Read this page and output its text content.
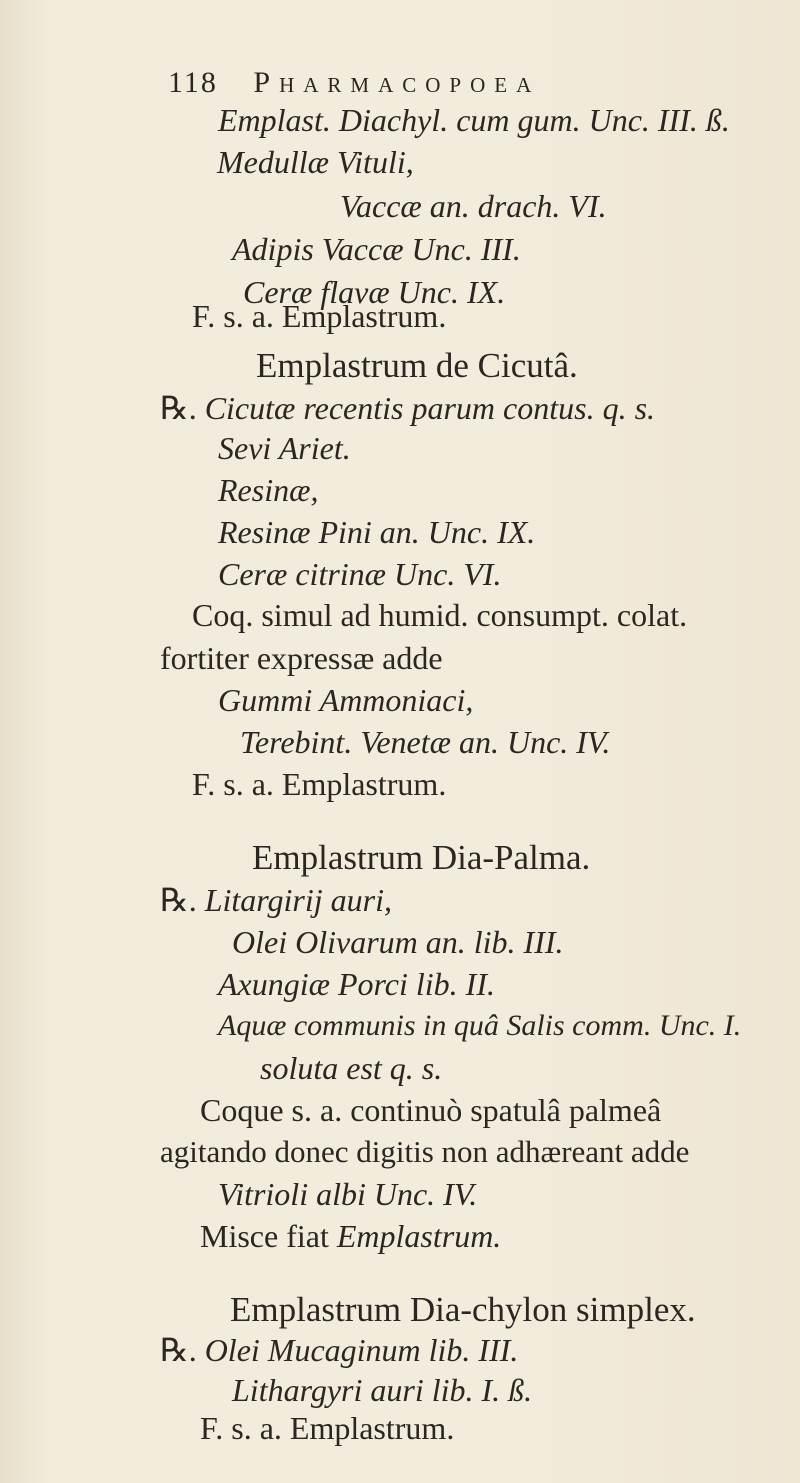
118 Pharmacopoea
Emplast. Diachyl. cum gum. Unc. III. ß.
Medullæ Vituli,
Vaccæ an. drach. VI.
Adipis Vaccæ Unc. III.
Ceræ flavæ Unc. IX.
F. s. a. Emplastrum.
Emplastrum de Cicutâ.
℞. Cicutæ recentis parum contus. q. s.
Sevi Ariet.
Resinæ,
Resinæ Pini an. Unc. IX.
Ceræ citrinæ Unc. VI.
Coq. simul ad humid. consumpt. colat.
fortiter expressæ adde
Gummi Ammoniaci,
Terebint. Venetæ an. Unc. IV.
F. s. a. Emplastrum.
Emplastrum Dia-Palma.
℞. Litargirij auri,
Olei Olivarum an. lib. III.
Axungiæ Porci lib. II.
Aquæ communis in quâ Salis comm. Unc. I.
soluta est q. s.
Coque s. a. continuò spatulâ palmeâ
agitando donec digitis non adhæreant adde
Vitrioli albi Unc. IV.
Misce fiat Emplastrum.
Emplastrum Dia-chylon simplex.
℞. Olei Mucaginum lib. III.
Lithargyri auri lib. I. ß.
F. s. a. Emplastrum.
